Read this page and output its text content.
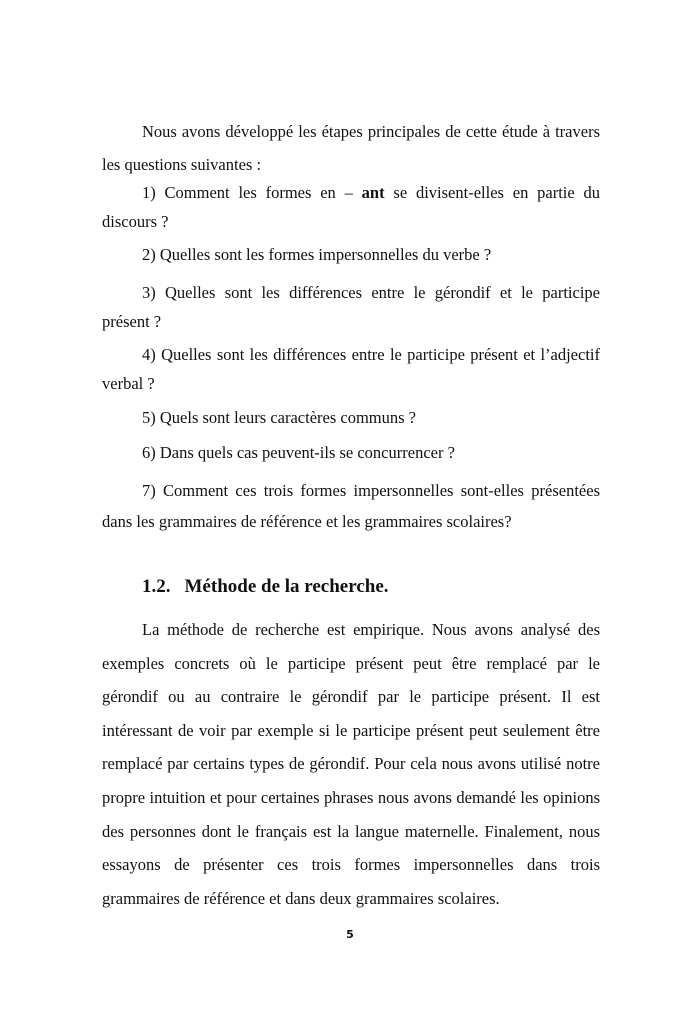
Nous avons développé les étapes principales de cette étude à travers les questions suivantes :

1) Comment les formes en – ant se divisent-elles en partie du discours ?

2) Quelles sont les formes impersonnelles du verbe ?

3) Quelles sont les différences entre le gérondif et le participe présent ?

4) Quelles sont les différences entre le participe présent et l’adjectif verbal ?

5) Quels sont leurs caractères communs ?

6) Dans quels cas peuvent-ils se concurrencer ?

7) Comment ces trois formes impersonnelles sont-elles présentées dans les grammaires de référence et les grammaires scolaires?

1.2. Méthode de la recherche.

La méthode de recherche est empirique. Nous avons analysé des exemples concrets où le participe présent peut être remplacé par le gérondif ou au contraire le gérondif par le participe présent. Il est intéressant de voir par exemple si le participe présent peut seulement être remplacé par certains types de gérondif. Pour cela nous avons utilisé notre propre intuition et pour certaines phrases nous avons demandé les opinions des personnes dont le français est la langue maternelle. Finalement, nous essayons de présenter ces trois formes impersonnelles dans trois grammaires de référence et dans deux grammaires scolaires.

5
